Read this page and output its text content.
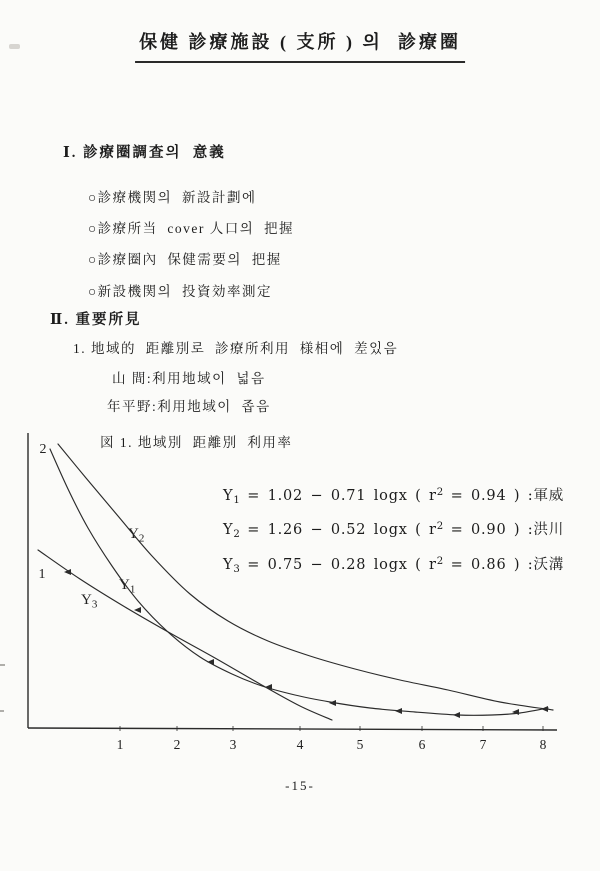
保健 診療施設 ( 支所 ) 의  診療圈
Ⅰ. 診療圈調査의  意義
○診療機関의  新設計劃에
○診療所当  cover 人口의  把握
○診療圈內  保健需要의  把握
○新設機関의  投資効率測定
Ⅱ. 重要所見
1. 地域的  距離別로  診療所利用  様相에  差있음
山 間:利用地域이  넓음
年平野:利用地域이  좁음
図 1. 地域別  距離別  利用率
$Y_1 = 1.02 - 0.71$ logx ( $r^2 = 0.94$ ) :軍威
$Y_2 = 1.26 - 0.52$ logx ( $r^2 = 0.90$ ) :洪川
$Y_3 = 0.75 - 0.28$ logx ( $r^2 = 0.86$ ) :沃溝
1	2	3	4	5	6	7	8
2
1
$Y_2$
$Y_1$
$Y_3$
-15-
